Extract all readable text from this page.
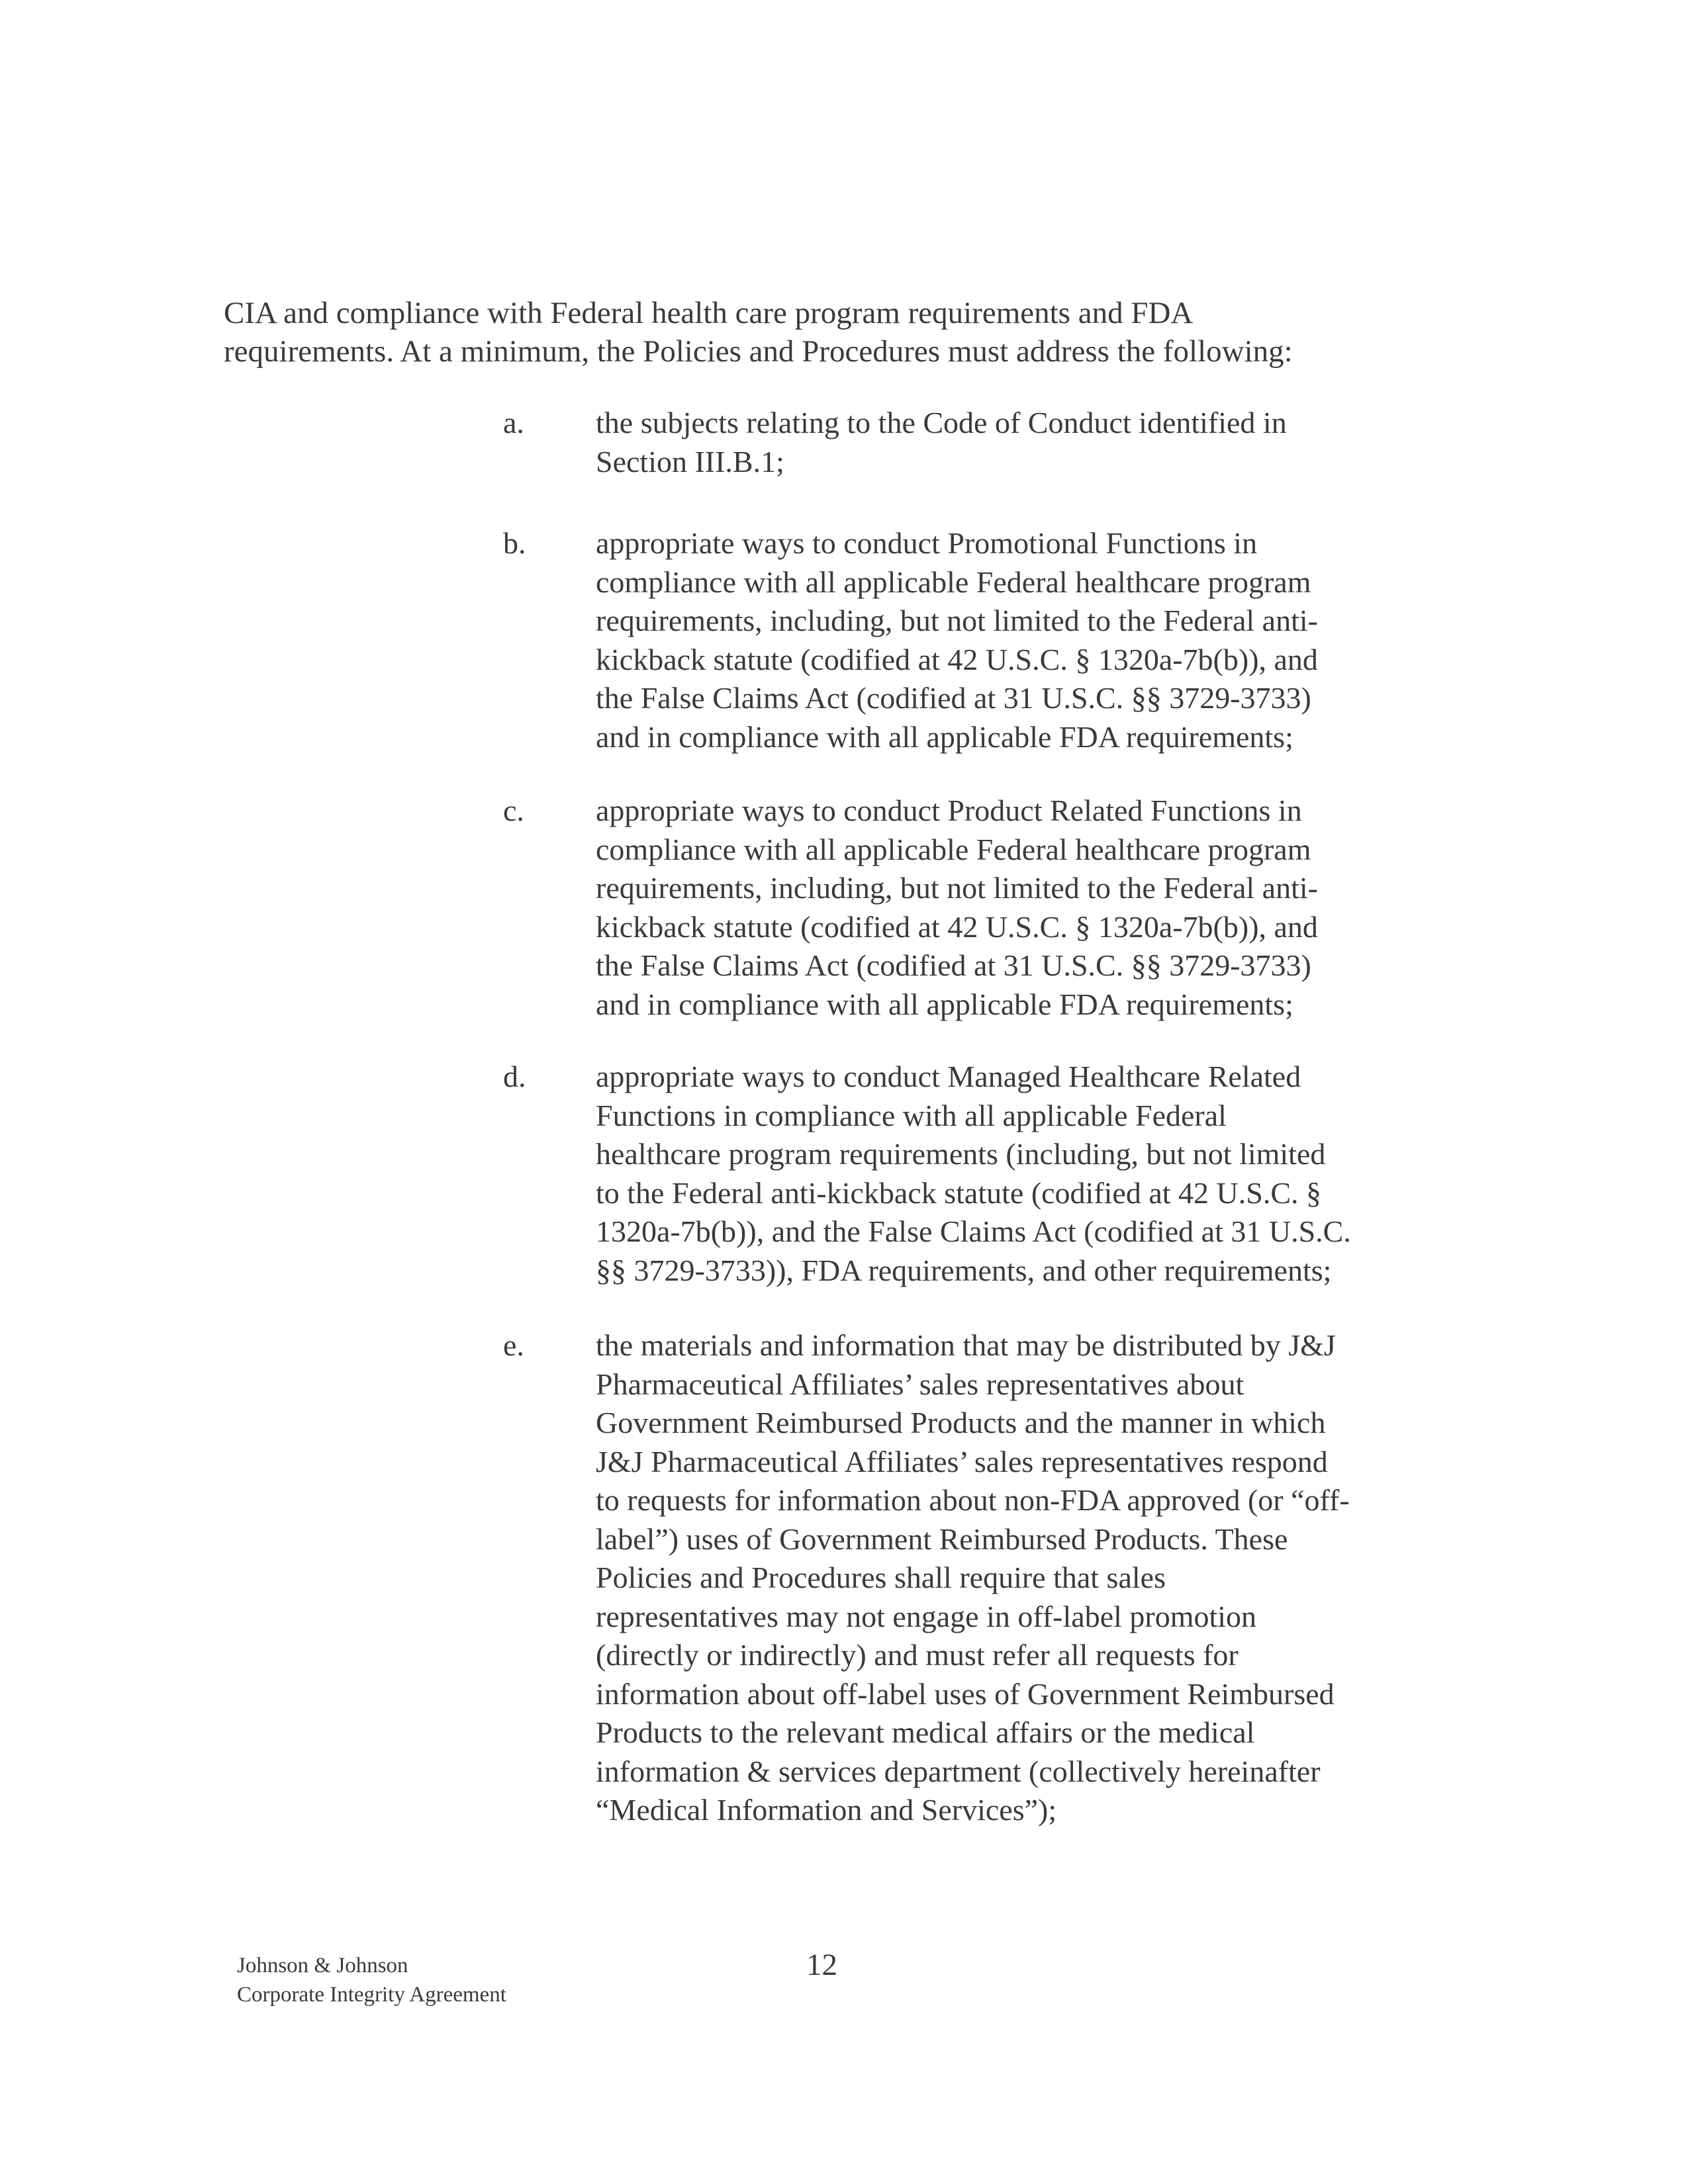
CIA and compliance with Federal health care program requirements and FDA
requirements. At a minimum, the Policies and Procedures must address the following:

a. the subjects relating to the Code of Conduct identified in
Section III.B.1;
b. appropriate ways to conduct Promotional Functions in
compliance with all applicable Federal healthcare program
requirements, including, but not limited to the Federal anti-
kickback statute (codified at 42 U.S.C. § 1320a-7b(b)), and
the False Claims Act (codified at 31 U.S.C. §§ 3729-3733)
and in compliance with all applicable FDA requirements;
c. appropriate ways to conduct Product Related Functions in
compliance with all applicable Federal healthcare program
requirements, including, but not limited to the Federal anti-
kickback statute (codified at 42 U.S.C. § 1320a-7b(b)), and
the False Claims Act (codified at 31 U.S.C. §§ 3729-3733)
and in compliance with all applicable FDA requirements;
d. appropriate ways to conduct Managed Healthcare Related
Functions in compliance with all applicable Federal
healthcare program requirements (including, but not limited
to the Federal anti-kickback statute (codified at 42 U.S.C. §
1320a-7b(b)), and the False Claims Act (codified at 31 U.S.C.
§§ 3729-3733)), FDA requirements, and other requirements;
e. the materials and information that may be distributed by J&J
Pharmaceutical Affiliates’ sales representatives about
Government Reimbursed Products and the manner in which
J&J Pharmaceutical Affiliates’ sales representatives respond
to requests for information about non-FDA approved (or “off-
label”) uses of Government Reimbursed Products. These
Policies and Procedures shall require that sales
representatives may not engage in off-label promotion
(directly or indirectly) and must refer all requests for
information about off-label uses of Government Reimbursed
Products to the relevant medical affairs or the medical
information & services department (collectively hereinafter
“Medical Information and Services”);
Johnson & Johnson
Corporate Integrity Agreement
12
